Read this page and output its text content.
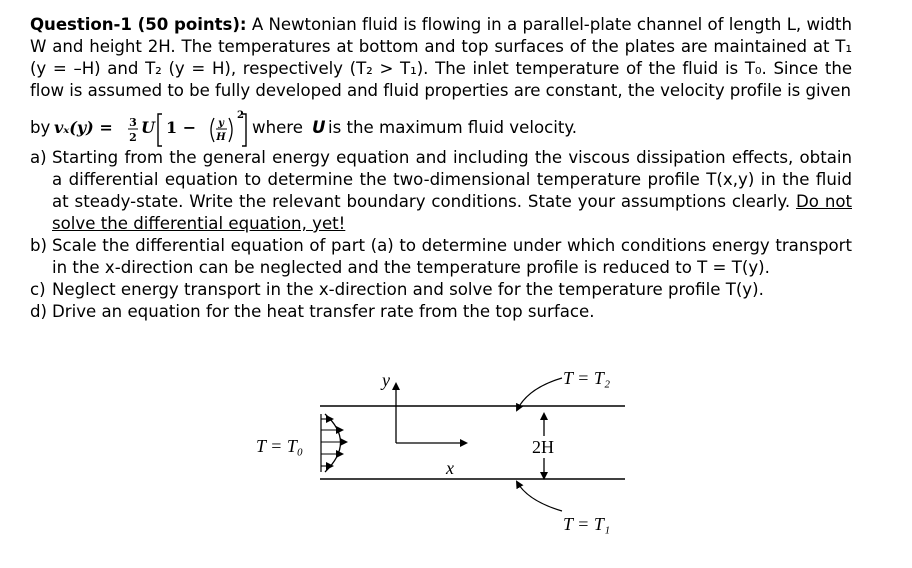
Question-1 (50 points): A Newtonian fluid is flowing in a parallel-plate channel of length L, width W and height 2H. The temperatures at bottom and top surfaces of the plates are maintained at T₁ (y = –H) and T₂ (y = H), respectively (T₂ > T₁). The inlet temperature of the fluid is T₀. Since the flow is assumed to be fully developed and fluid properties are constant, the velocity profile is given
by vₓ(y) = 3
2
U 1 − y
H
2
where U is the maximum fluid velocity.
a) Starting from the general energy equation and including the viscous dissipation effects, obtain a differential equation to determine the two-dimensional temperature profile T(x,y) in the fluid at steady-state. Write the relevant boundary conditions. State your assumptions clearly. Do not solve the differential equation, yet!
b) Scale the differential equation of part (a) to determine under which conditions energy transport in the x-direction can be neglected and the temperature profile is reduced to T = T(y).
c) Neglect energy transport in the x-direction and solve for the temperature profile T(y).
d) Drive an equation for the heat transfer rate from the top surface.
y
x
2H
T = T₂
T = T₁
T = T₀
